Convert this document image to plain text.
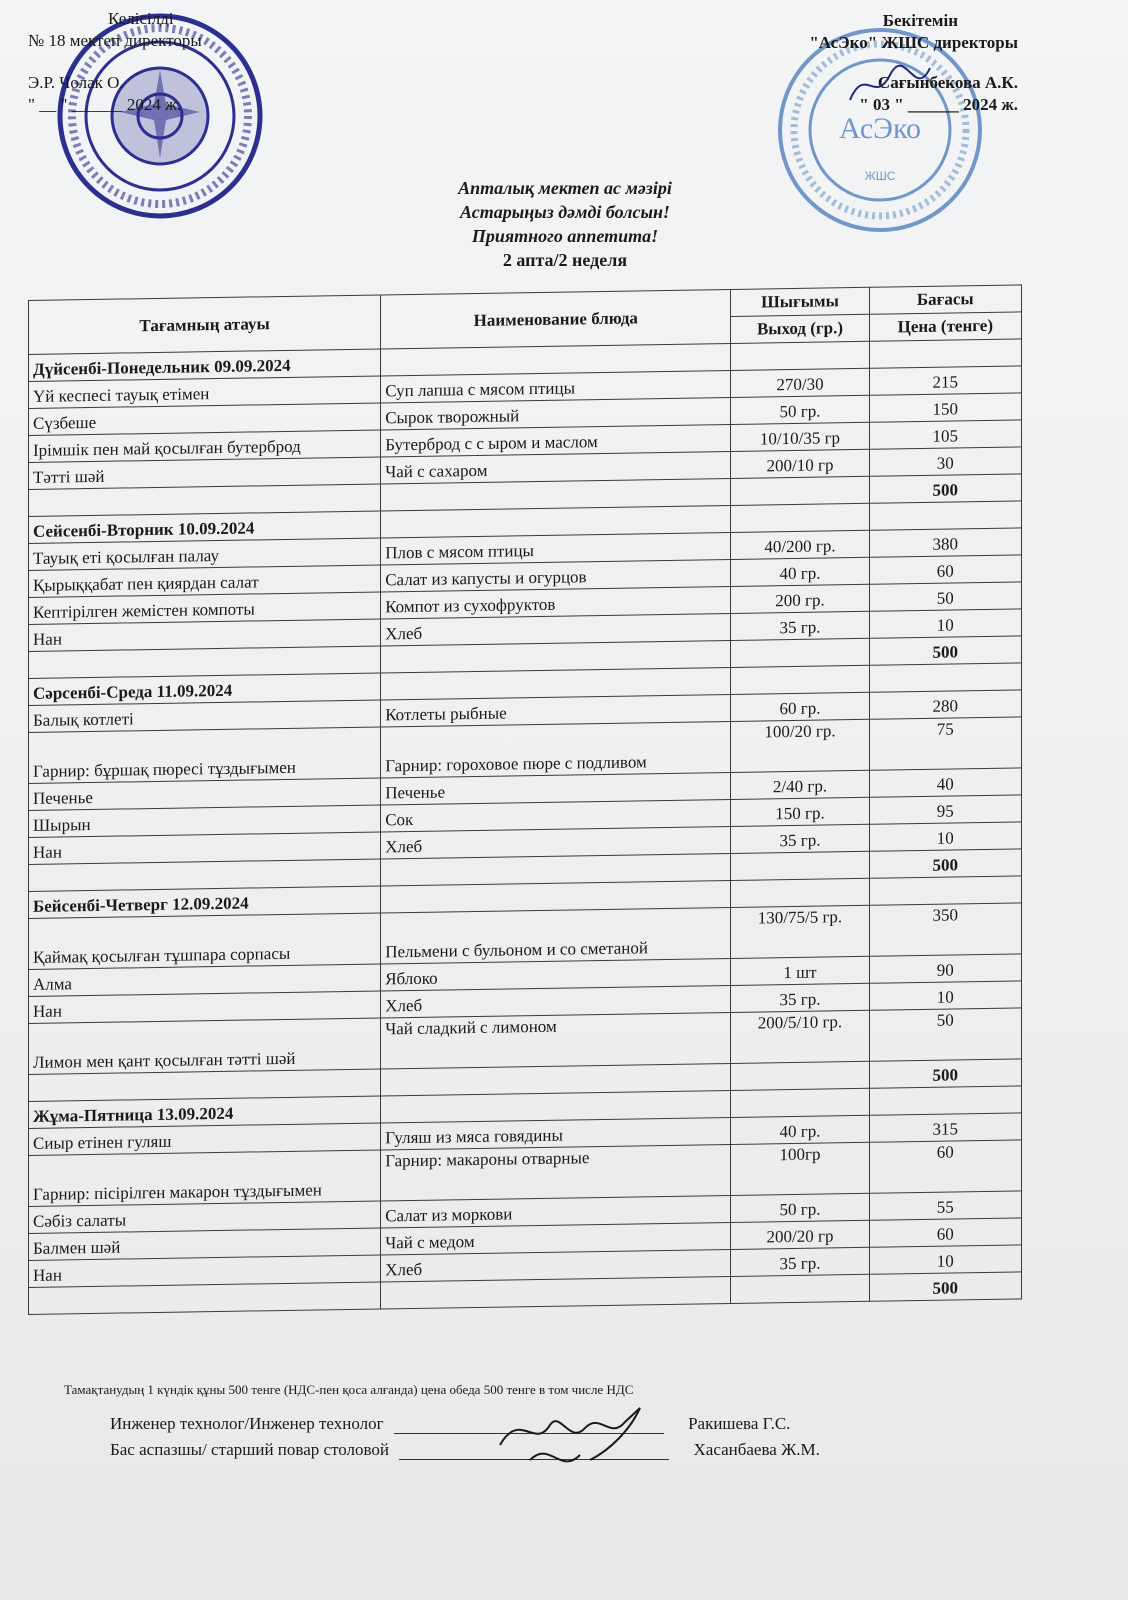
АсЭко
ЖШС
Келісілді
№ 18 мектеп директоры
Э.Р. Чолак О.
" __ " ______ 2024 ж.
Бекітемін
"АсЭко" ЖШС директоры
Сағынбекова А.К.
" 03 " ______ 2024 ж.
Апталық мектеп ас мәзірі
Астарыңыз дәмді болсын!
Приятного аппетита!
2 апта/2 неделя
Тағамның атауы	Наименование блюда	Шығымы	Бағасы
		Выход (гр.)	Цена (тенге)
Дүйсенбі-Понедельник 09.09.2024			
Үй кеспесі тауық етімен	Суп лапша с мясом птицы	270/30	215
Сүзбеше	Сырок творожный	50 гр.	150
Ірімшік пен май қосылған бутерброд	Бутерброд с с ыром и маслом	10/10/35 гр	105
Тәтті шәй	Чай с сахаром	200/10 гр	30
			500
Сейсенбі-Вторник 10.09.2024			
Тауық еті қосылған палау	Плов с мясом птицы	40/200 гр.	380
Қырыққабат пен қиярдан салат	Салат из капусты и огурцов	40 гр.	60
Кептірілген жемістен компоты	Компот из сухофруктов	200 гр.	50
Нан	Хлеб	35 гр.	10
			500
Сәрсенбі-Среда 11.09.2024			
Балық котлеті	Котлеты рыбные	60 гр.	280
Гарнир: бұршақ пюресі тұздығымен	Гарнир: гороховое пюре с подливом	100/20 гр.	75
Печенье	Печенье	2/40 гр.	40
Шырын	Сок	150 гр.	95
Нан	Хлеб	35 гр.	10
			500
Бейсенбі-Четверг 12.09.2024			
Қаймақ қосылған тұшпара сорпасы	Пельмени с бульоном и со сметаной	130/75/5 гр.	350
Алма	Яблоко	1 шт	90
Нан	Хлеб	35 гр.	10
Лимон мен қант қосылған тәтті шәй	Чай сладкий с лимоном	200/5/10 гр.	50
			500
Жұма-Пятница 13.09.2024			
Сиыр етінен гуляш	Гуляш из мяса говядины	40 гр.	315
Гарнир: пісірілген макарон тұздығымен	Гарнир: макароны отварные	100гр	60
Сәбіз салаты	Салат из моркови	50 гр.	55
Балмен шәй	Чай с медом	200/20 гр	60
Нан	Хлеб	35 гр.	10
			500
Тамақтанудың 1 күндік құны 500 тенге (НДС-пен қоса алғанда) цена обеда 500 тенге в том числе НДС
Инженер технолог/Инженер технолог	Ракишева Г.С.
Бас аспазшы/ старший повар столовой	Хасанбаева Ж.М.
